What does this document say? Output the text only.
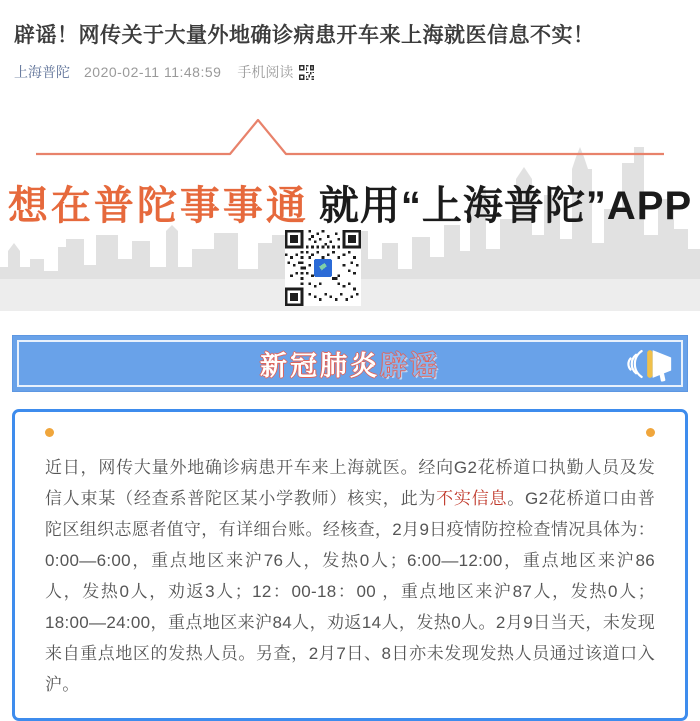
辟谣！网传关于大量外地确诊病患开车来上海就医信息不实！
上海普陀 2020-02-11 11:48:59 手机阅读
想在普陀事事通 就用“上海普陀”APP
新冠肺炎辟谣

近日，网传大量外地确诊病患开车来上海就医。经向G2花桥道口执勤人员及发信人束某（经查系普陀区某小学教师）核实，此为不实信息。G2花桥道口由普陀区组织志愿者值守，有详细台账。经核查，2月9日疫情防控检查情况具体为：0:00—6:00，重点地区来沪76人，发热0人；6:00—12:00，重点地区来沪86人，发热0人，劝返3人；12：00-18：00 ，重点地区来沪87人，发热0人；18:00—24:00，重点地区来沪84人，劝返14人，发热0人。2月9日当天，未发现来自重点地区的发热人员。另查，2月7日、8日亦未发现发热人员通过该道口入沪。
